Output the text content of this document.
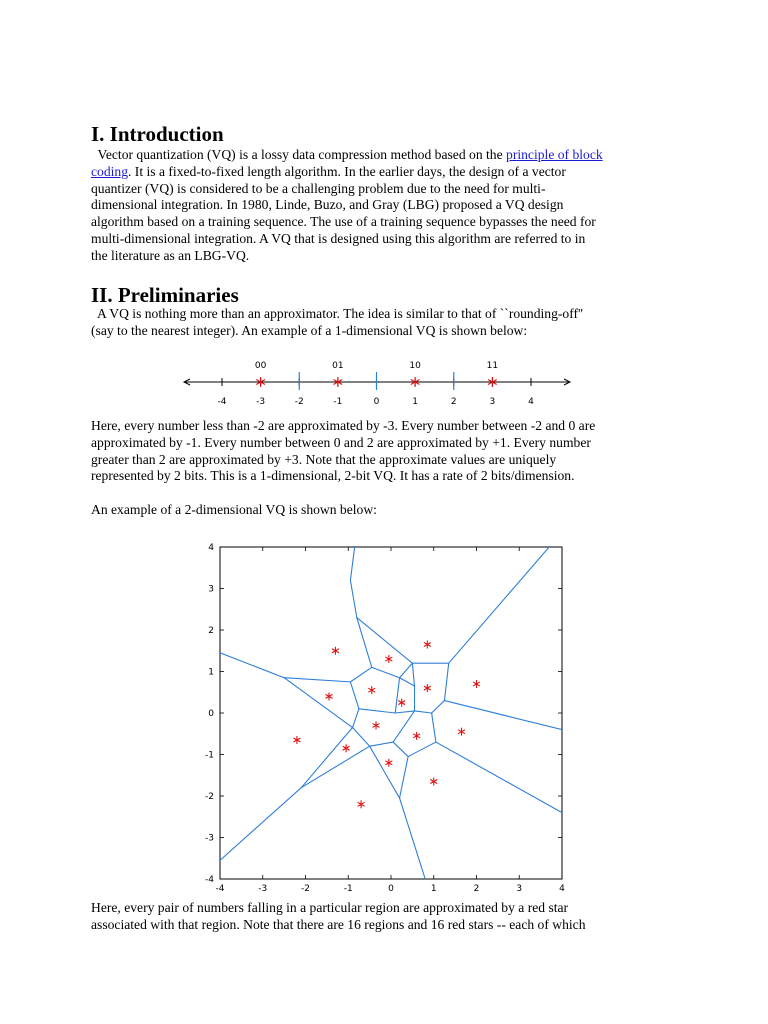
I. Introduction
Vector quantization (VQ) is a lossy data compression method based on the principle of block
coding. It is a fixed-to-fixed length algorithm. In the earlier days, the design of a vector
quantizer (VQ) is considered to be a challenging problem due to the need for multi-
dimensional integration. In 1980, Linde, Buzo, and Gray (LBG) proposed a VQ design
algorithm based on a training sequence. The use of a training sequence bypasses the need for
multi-dimensional integration. A VQ that is designed using this algorithm are referred to in
the literature as an LBG-VQ.
II. Preliminaries
A VQ is nothing more than an approximator. The idea is similar to that of ``rounding-off''
(say to the nearest integer). An example of a 1-dimensional VQ is shown below:
-4	-3	-2	-1	0	1	2	3	4
00	01	10	11
Here, every number less than -2 are approximated by -3. Every number between -2 and 0 are
approximated by -1. Every number between 0 and 2 are approximated by +1. Every number
greater than 2 are approximated by +3. Note that the approximate values are uniquely
represented by 2 bits. This is a 1-dimensional, 2-bit VQ. It has a rate of 2 bits/dimension.
An example of a 2-dimensional VQ is shown below:
-4	-3	-2	-1	0	1	2	3	4
4
3
2
1
0
-1
-2
-3
-4
Here, every pair of numbers falling in a particular region are approximated by a red star
associated with that region. Note that there are 16 regions and 16 red stars -- each of which
